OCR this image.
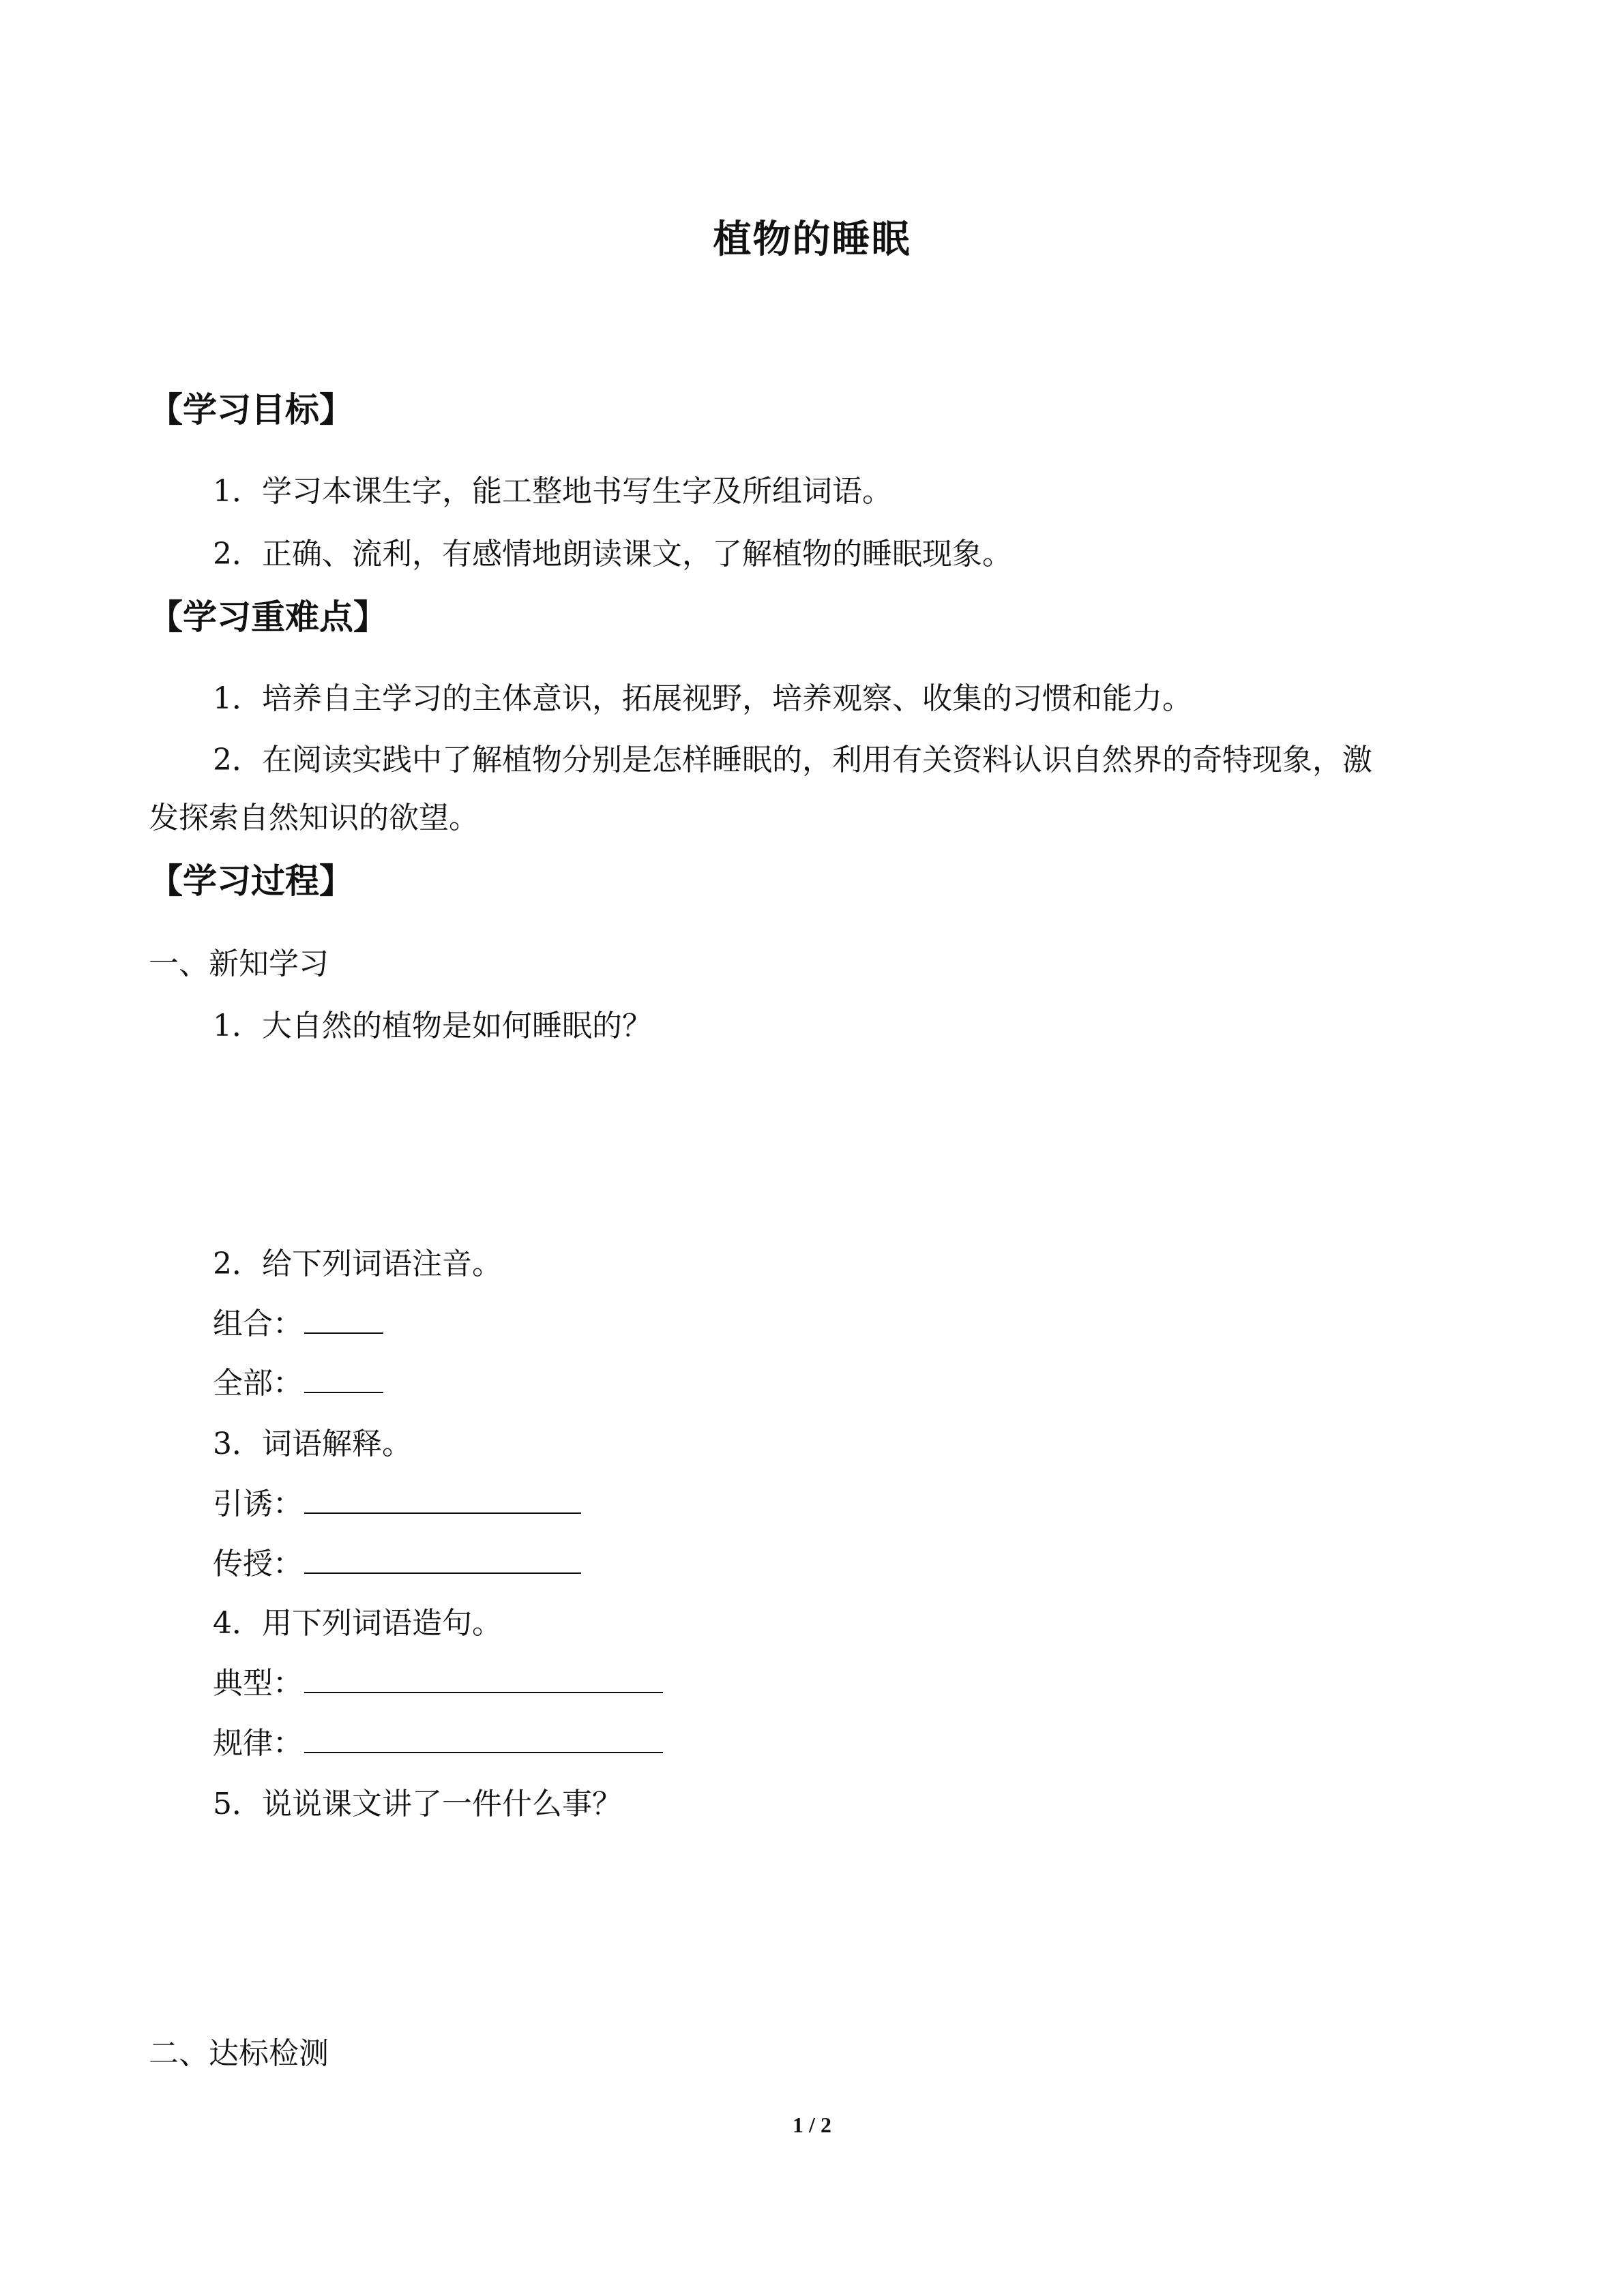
植物的睡眠
【学习目标】
1．学习本课生字，能工整地书写生字及所组词语。
2．正确、流利，有感情地朗读课文，了解植物的睡眠现象。
【学习重难点】
1．培养自主学习的主体意识，拓展视野，培养观察、收集的习惯和能力。
2．在阅读实践中了解植物分别是怎样睡眠的，利用有关资料认识自然界的奇特现象，激
发探索自然知识的欲望。
【学习过程】
一、新知学习
1．大自然的植物是如何睡眠的？
2．给下列词语注音。
组合：
全部：
3．词语解释。
引诱：
传授：
4．用下列词语造句。
典型：
规律：
5．说说课文讲了一件什么事？
二、达标检测
1 / 2
